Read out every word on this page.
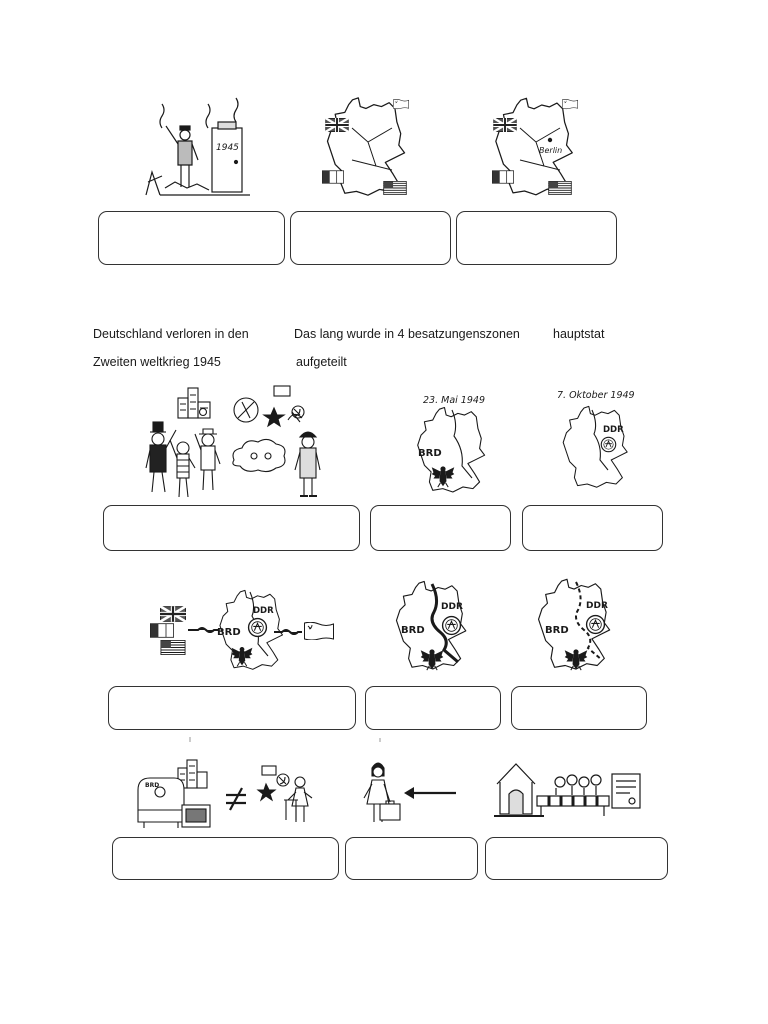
1945	Berlin
23. Mai 1949
BRD
7. Oktober 1949
DDR
BRD
DDR	DDR
BRD
DDR
BRD
BRD
Deutschland verloren in den
Zweiten weltkrieg 1945
Das lang wurde in 4 besatzungenszonen
aufgeteilt
hauptstat
